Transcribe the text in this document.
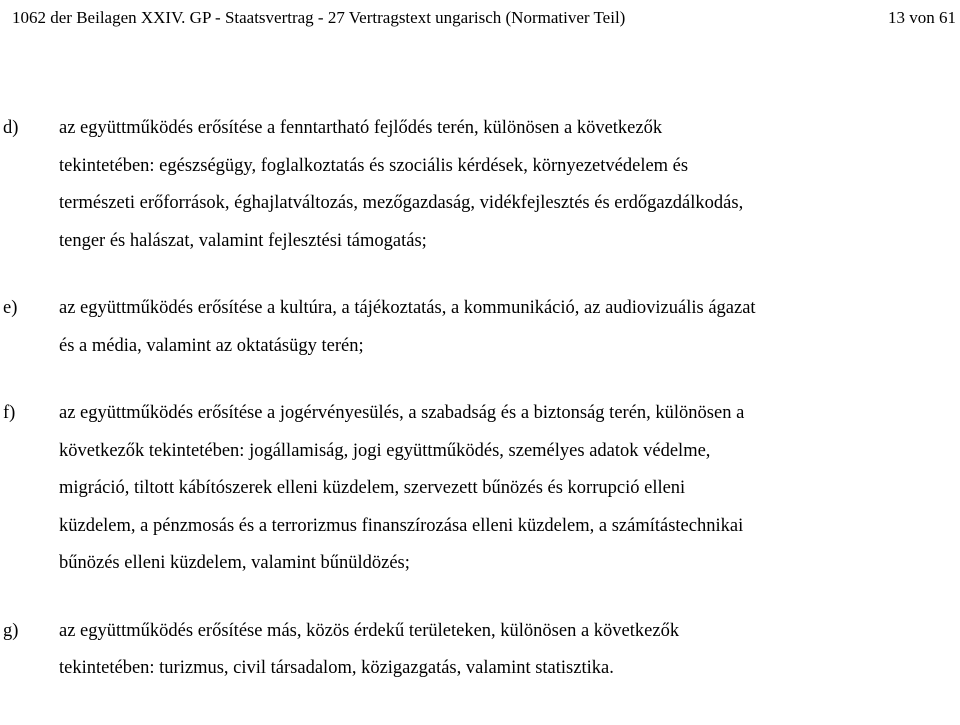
1062 der Beilagen XXIV. GP - Staatsvertrag - 27 Vertragstext ungarisch (Normativer Teil)	13 von 61
d) az együttműködés erősítése a fenntartható fejlődés terén, különösen a következők
tekintetében: egészségügy, foglalkoztatás és szociális kérdések, környezetvédelem és
természeti erőforrások, éghajlatváltozás, mezőgazdaság, vidékfejlesztés és erdőgazdálkodás,
tenger és halászat, valamint fejlesztési támogatás;
e) az együttműködés erősítése a kultúra, a tájékoztatás, a kommunikáció, az audiovizuális ágazat
és a média, valamint az oktatásügy terén;
f) az együttműködés erősítése a jogérvényesülés, a szabadság és a biztonság terén, különösen a
következők tekintetében: jogállamiság, jogi együttműködés, személyes adatok védelme,
migráció, tiltott kábítószerek elleni küzdelem, szervezett bűnözés és korrupció elleni
küzdelem, a pénzmosás és a terrorizmus finanszírozása elleni küzdelem, a számítástechnikai
bűnözés elleni küzdelem, valamint bűnüldözés;
g) az együttműködés erősítése más, közös érdekű területeken, különösen a következők
tekintetében: turizmus, civil társadalom, közigazgatás, valamint statisztika.
